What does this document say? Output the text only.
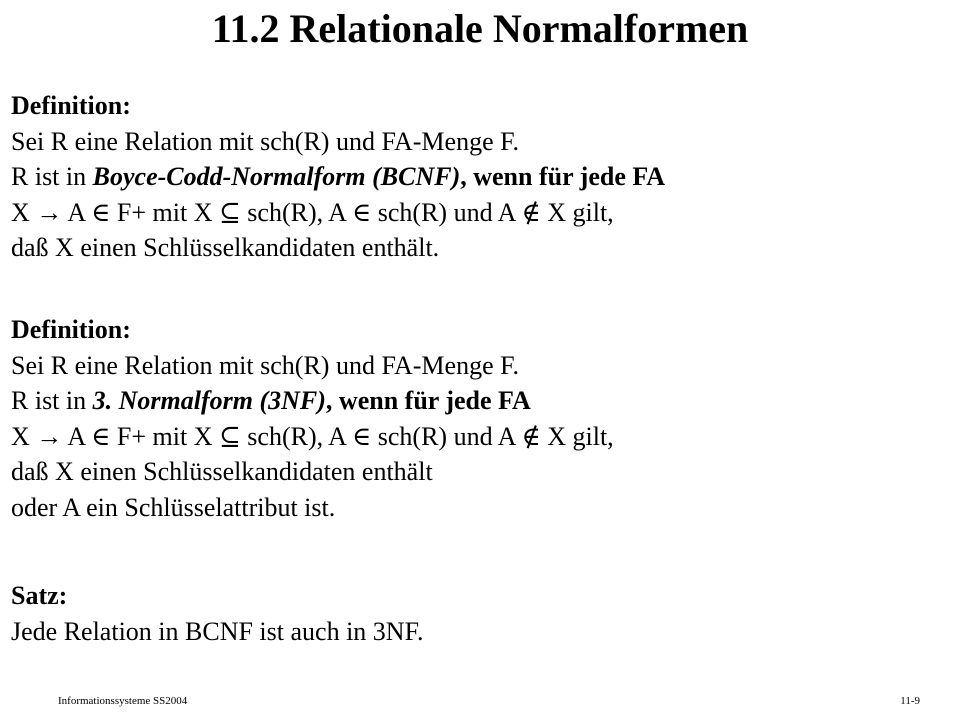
11.2 Relationale Normalformen
Definition:
Sei R eine Relation mit sch(R) und FA-Menge F.
R ist in Boyce-Codd-Normalform (BCNF), wenn für jede FA
X → A ∈ F+ mit X ⊆ sch(R), A ∈ sch(R) und A ∉ X gilt,
daß X einen Schlüsselkandidaten enthält.
Definition:
Sei R eine Relation mit sch(R) und FA-Menge F.
R ist in 3. Normalform (3NF), wenn für jede FA
X → A ∈ F+ mit X ⊆ sch(R), A ∈ sch(R) und A ∉ X gilt,
daß X einen Schlüsselkandidaten enthält
oder A ein Schlüsselattribut ist.
Satz:
Jede Relation in BCNF ist auch in 3NF.
Informationssysteme SS2004	11-9
